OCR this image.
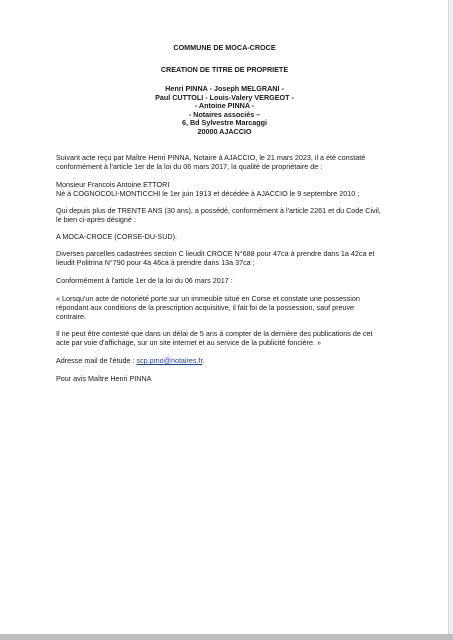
COMMUNE DE MOCA-CROCE
CREATION DE TITRE DE PROPRIETE
Henri PINNA - Joseph MELGRANI -
Paul CUTTOLI - Louis-Valery VERGEOT -
- Antoine PINNA -
- Notaires associés –
6, Bd Sylvestre Marcaggi
20000 AJACCIO
Suivant acte reçu par Maître Henri PINNA, Notaire à AJACCIO, le 21 mars 2023, il a été constaté
conformément à l'article 1er de la loi du 06 mars 2017, la qualité de propriétaire de :
Monsieur Francois Antoine ETTORI
Né à COGNOCOLI-MONTICCHI le 1er juin 1913 et décédée à AJACCIO le 9 septembre 2010 ;
Qui depuis plus de TRENTE ANS (30 ans), a possédé, conformément à l'article 2261 et du Code Civil,
le bien ci-après désigné :
A MOCA-CROCE (CORSE-DU-SUD).
Diverses parcelles cadastrées section C lieudit CROCE N°688 pour 47ca à prendre dans 1a 42ca et
lieudit Politrina N°790 pour 4a 46ca à prendre dans 13a 37ca ;
Conformément à l'article 1er de la loi du 06 mars 2017 :
« Lorsqu'un acte de notoriété porte sur un immeuble situé en Corse et constate une possession
répondant aux conditions de la prescription acquisitive, il fait foi de la possession, sauf preuve
contraire.
Il ne peut être contesté que dans un délai de 5 ans à compter de la dernière des publications de cet
acte par voie d'affichage, sur un site internet et au service de la publicité foncière. »
Adresse mail de l'étude : scp.pmo@notaires.fr.
Pour avis Maître Henri PINNA
